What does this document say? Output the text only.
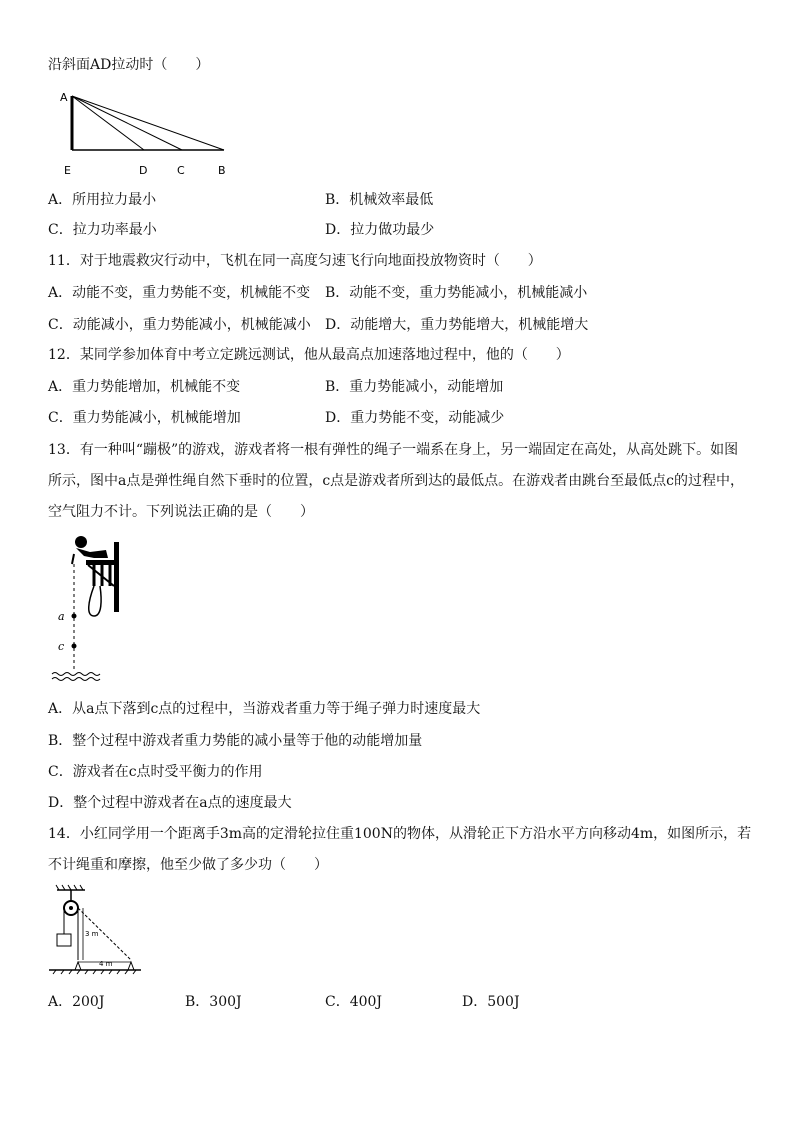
沿斜面AD拉动时（　　）
A
E	D	C	B
A．所用拉力最小	B．机械效率最低
C．拉力功率最小	D．拉力做功最少
11．对于地震救灾行动中，飞机在同一高度匀速飞行向地面投放物资时（　　）
A．动能不变，重力势能不变，机械能不变 B．动能不变，重力势能减小，机械能减小
C．动能减小，重力势能减小，机械能减小 D．动能增大，重力势能增大，机械能增大
12．某同学参加体育中考立定跳远测试，他从最高点加速落地过程中，他的（　　）
A．重力势能增加，机械能不变	B．重力势能减小，动能增加
C．重力势能减小，机械能增加	D．重力势能不变，动能减少
13．有一种叫“蹦极”的游戏，游戏者将一根有弹性的绳子一端系在身上，另一端固定在高处，从高处跳下。如图
所示，图中a点是弹性绳自然下垂时的位置，c点是游戏者所到达的最低点。在游戏者由跳台至最低点c的过程中，
空气阻力不计。下列说法正确的是（　　）
a
c
A．从a点下落到c点的过程中，当游戏者重力等于绳子弹力时速度最大
B．整个过程中游戏者重力势能的减小量等于他的动能增加量
C．游戏者在c点时受平衡力的作用
D．整个过程中游戏者在a点的速度最大
14．小红同学用一个距离手3m高的定滑轮拉住重100N的物体，从滑轮正下方沿水平方向移动4m，如图所示，若
不计绳重和摩擦，他至少做了多少功（　　）
3 m
4 m
A．200J	B．300J	C．400J	D．500J
